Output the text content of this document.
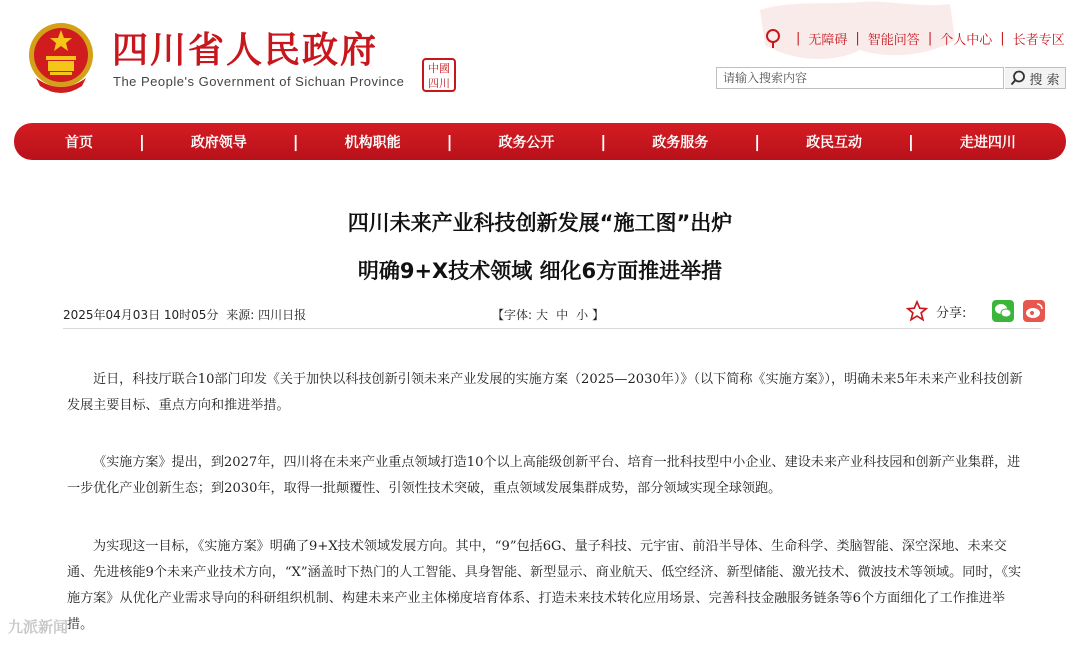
四川省人民政府
The People's Government of Sichuan Province
中國
四川
| 无障碍 | 智能问答 | 个人中心 | 长者专区
请输入搜索内容
搜 索
首页	|	政府领导	|	机构职能	|	政务公开	|	政务服务	|	政民互动	|	走进四川
四川未来产业科技创新发展“施工图”出炉
明确9+X技术领域 细化6方面推进举措
2025年04月03日 10时05分 来源: 四川日报	【字体: 大 中 小 】	分享:

近日，科技厅联合10部门印发《关于加快以科技创新引领未来产业发展的实施方案（2025—2030年）》（以下简称《实施方案》），明确未来5年未来产业科技创新发展主要目标、重点方向和推进举措。

《实施方案》提出，到2027年，四川将在未来产业重点领域打造10个以上高能级创新平台、培育一批科技型中小企业、建设未来产业科技园和创新产业集群，进一步优化产业创新生态；到2030年，取得一批颠覆性、引领性技术突破，重点领域发展集群成势，部分领域实现全球领跑。

为实现这一目标，《实施方案》明确了9+X技术领域发展方向。其中，“9”包括6G、量子科技、元宇宙、前沿半导体、生命科学、类脑智能、深空深地、未来交通、先进核能9个未来产业技术方向，“X”涵盖时下热门的人工智能、具身智能、新型显示、商业航天、低空经济、新型储能、激光技术、微波技术等领域。同时，《实施方案》从优化产业需求导向的科研组织机制、构建未来产业主体梯度培育体系、打造未来技术转化应用场景、完善科技金融服务链条等6个方面细化了工作推进举措。

九派新闻
